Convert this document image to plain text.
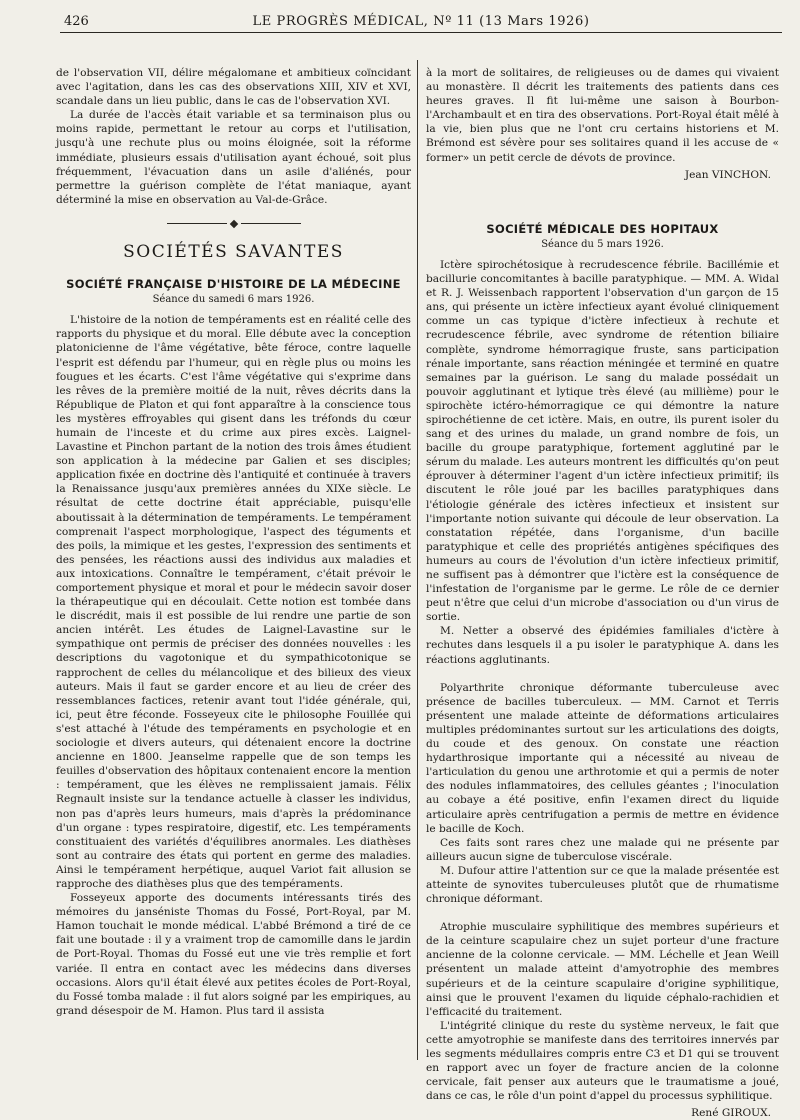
426	LE PROGRÈS MÉDICAL, Nº 11 (13 Mars 1926)

de l'observation VII, délire mégalomane et ambitieux coïncidant avec l'agitation, dans les cas des observations XIII, XIV et XVI, scandale dans un lieu public, dans le cas de l'observation XVI.

La durée de l'accès était variable et sa terminaison plus ou moins rapide, permettant le retour au corps et l'utilisation, jusqu'à une rechute plus ou moins éloignée, soit la réforme immédiate, plusieurs essais d'utilisation ayant échoué, soit plus fréquemment, l'évacuation dans un asile d'aliénés, pour permettre la guérison complète de l'état maniaque, ayant déterminé la mise en observation au Val-de-Grâce.

SOCIÉTÉS SAVANTES
SOCIÉTÉ FRANÇAISE D'HISTOIRE DE LA MÉDECINE
Séance du samedi 6 mars 1926.

L'histoire de la notion de tempéraments est en réalité celle des rapports du physique et du moral. Elle débute avec la conception platonicienne de l'âme végétative, bête féroce, contre laquelle l'esprit est défendu par l'humeur, qui en règle plus ou moins les fougues et les écarts. C'est l'âme végétative qui s'exprime dans les rêves de la première moitié de la nuit, rêves décrits dans la République de Platon et qui font apparaître à la conscience tous les mystères effroyables qui gisent dans les tréfonds du cœur humain de l'inceste et du crime aux pires excès. Laignel-Lavastine et Pinchon partant de la notion des trois âmes étudient son application à la médecine par Galien et ses disciples; application fixée en doctrine dès l'antiquité et continuée à travers la Renaissance jusqu'aux premières années du XIXe siècle. Le résultat de cette doctrine était appréciable, puisqu'elle aboutissait à la détermination de tempéraments. Le tempérament comprenait l'aspect morphologique, l'aspect des téguments et des poils, la mimique et les gestes, l'expression des sentiments et des pensées, les réactions aussi des individus aux maladies et aux intoxications. Connaître le tempérament, c'était prévoir le comportement physique et moral et pour le médecin savoir doser la thérapeutique qui en découlait. Cette notion est tombée dans le discrédit, mais il est possible de lui rendre une partie de son ancien intérêt. Les études de Laignel-Lavastine sur le sympathique ont permis de préciser des données nouvelles : les descriptions du vagotonique et du sympathicotonique se rapprochent de celles du mélancolique et des bilieux des vieux auteurs. Mais il faut se garder encore et au lieu de créer des ressemblances factices, retenir avant tout l'idée générale, qui, ici, peut être féconde. Fosseyeux cite le philosophe Fouillée qui s'est attaché à l'étude des tempéraments en psychologie et en sociologie et divers auteurs, qui détenaient encore la doctrine ancienne en 1800. Jeanselme rappelle que de son temps les feuilles d'observation des hôpitaux contenaient encore la mention : tempérament, que les élèves ne remplissaient jamais. Félix Regnault insiste sur la tendance actuelle à classer les individus, non pas d'après leurs humeurs, mais d'après la prédominance d'un organe : types respiratoire, digestif, etc. Les tempéraments constituaient des variétés d'équilibres anormales. Les diathèses sont au contraire des états qui portent en germe des maladies. Ainsi le tempérament herpétique, auquel Variot fait allusion se rapproche des diathèses plus que des tempéraments.

Fosseyeux apporte des documents intéressants tirés des mémoires du janséniste Thomas du Fossé, Port-Royal, par M. Hamon touchait le monde médical. L'abbé Brémond a tiré de ce fait une boutade : il y a vraiment trop de camomille dans le jardin de Port-Royal. Thomas du Fossé eut une vie très remplie et fort variée. Il entra en contact avec les médecins dans diverses occasions. Alors qu'il était élevé aux petites écoles de Port-Royal, du Fossé tomba malade : il fut alors soigné par les empiriques, au grand désespoir de M. Hamon. Plus tard il assista

à la mort de solitaires, de religieuses ou de dames qui vivaient au monastère. Il décrit les traitements des patients dans ces heures graves. Il fit lui-même une saison à Bourbon-l'Archambault et en tira des observations. Port-Royal était mêlé à la vie, bien plus que ne l'ont cru certains historiens et M. Brémond est sévère pour ses solitaires quand il les accuse de « former» un petit cercle de dévots de province.

Jean VINCHON.
SOCIÉTÉ MÉDICALE DES HOPITAUX
Séance du 5 mars 1926.

Ictère spirochétosique à recrudescence fébrile. Bacillémie et bacillurie concomitantes à bacille paratyphique. — MM. A. Widal et R. J. Weissenbach rapportent l'observation d'un garçon de 15 ans, qui présente un ictère infectieux ayant évolué cliniquement comme un cas typique d'ictère infectieux à rechute et recrudescence fébrile, avec syndrome de rétention biliaire complète, syndrome hémorragique fruste, sans participation rénale importante, sans réaction méningée et terminé en quatre semaines par la guérison. Le sang du malade possédait un pouvoir agglutinant et lytique très élevé (au millième) pour le spirochète ictéro-hémorragique ce qui démontre la nature spirochétienne de cet ictère. Mais, en outre, ils purent isoler du sang et des urines du malade, un grand nombre de fois, un bacille du groupe paratyphique, fortement agglutiné par le sérum du malade. Les auteurs montrent les difficultés qu'on peut éprouver à déterminer l'agent d'un ictère infectieux primitif; ils discutent le rôle joué par les bacilles paratyphiques dans l'étiologie générale des ictères infectieux et insistent sur l'importante notion suivante qui découle de leur observation. La constatation répétée, dans l'organisme, d'un bacille paratyphique et celle des propriétés antigènes spécifiques des humeurs au cours de l'évolution d'un ictère infectieux primitif, ne suffisent pas à démontrer que l'ictère est la conséquence de l'infestation de l'organisme par le germe. Le rôle de ce dernier peut n'être que celui d'un microbe d'association ou d'un virus de sortie.

M. Netter a observé des épidémies familiales d'ictère à rechutes dans lesquels il a pu isoler le paratyphique A. dans les réactions agglutinants.

Polyarthrite chronique déformante tuberculeuse avec présence de bacilles tuberculeux. — MM. Carnot et Terris présentent une malade atteinte de déformations articulaires multiples prédominantes surtout sur les articulations des doigts, du coude et des genoux. On constate une réaction hydarthrosique importante qui a nécessité au niveau de l'articulation du genou une arthrotomie et qui a permis de noter des nodules inflammatoires, des cellules géantes ; l'inoculation au cobaye a été positive, enfin l'examen direct du liquide articulaire après centrifugation a permis de mettre en évidence le bacille de Koch.

Ces faits sont rares chez une malade qui ne présente par ailleurs aucun signe de tuberculose viscérale.

M. Dufour attire l'attention sur ce que la malade présentée est atteinte de synovites tuberculeuses plutôt que de rhumatisme chronique déformant.

Atrophie musculaire syphilitique des membres supérieurs et de la ceinture scapulaire chez un sujet porteur d'une fracture ancienne de la colonne cervicale. — MM. Léchelle et Jean Weill présentent un malade atteint d'amyotrophie des membres supérieurs et de la ceinture scapulaire d'origine syphilitique, ainsi que le prouvent l'examen du liquide céphalo-rachidien et l'efficacité du traitement.

L'intégrité clinique du reste du système nerveux, le fait que cette amyotrophie se manifeste dans des territoires innervés par les segments médullaires compris entre C3 et D1 qui se trouvent en rapport avec un foyer de fracture ancien de la colonne cervicale, fait penser aux auteurs que le traumatisme a joué, dans ce cas, le rôle d'un point d'appel du processus syphilitique.

René GIROUX.
